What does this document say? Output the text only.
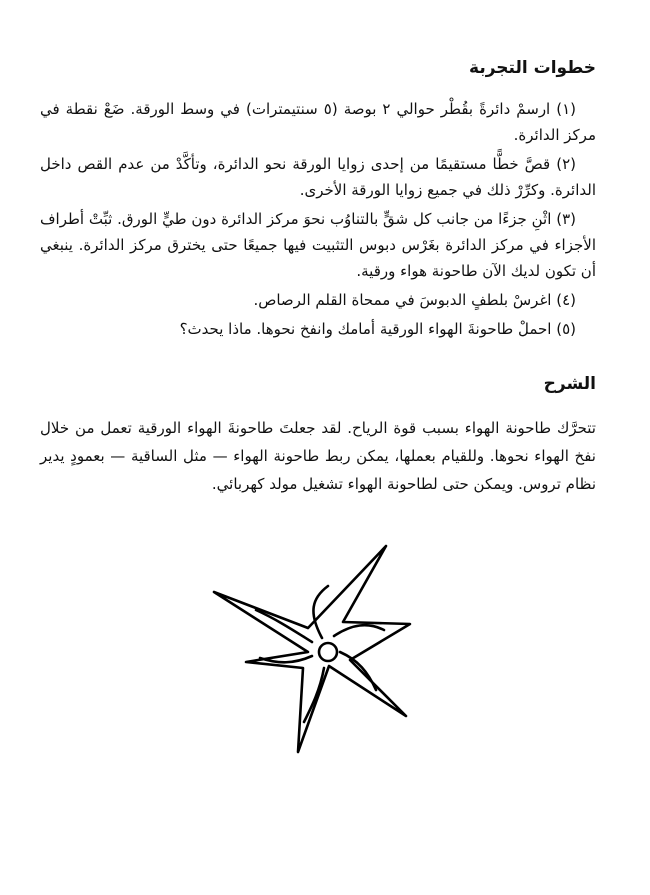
خطوات التجربة
(١) ارسمْ دائرةً بقُطْر حوالي ٢ بوصة (٥ سنتيمترات) في وسط الورقة. ضَعْ نقطة في مركز الدائرة.
(٢) قصَّ خطًّا مستقيمًا من إحدى زوايا الورقة نحو الدائرة، وتأكَّدْ من عدم القص داخل الدائرة. وكرِّرْ ذلك في جميع زوايا الورقة الأخرى.
(٣) اثْنِ جزءًا من جانب كل شقٍّ بالتناوُب نحوَ مركز الدائرة دون طيٍّ الورق. ثبِّتْ أطراف الأجزاء في مركز الدائرة بغَرْس دبوس التثبيت فيها جميعًا حتى يخترق مركز الدائرة. ينبغي أن تكون لديك الآن طاحونة هواء ورقية.
(٤) اغرسْ بلطفٍ الدبوسَ في ممحاة القلم الرصاص.
(٥) احملْ طاحونةَ الهواء الورقية أمامك وانفخ نحوها. ماذا يحدث؟
الشرح

تتحرَّك طاحونة الهواء بسبب قوة الرياح. لقد جعلتَ طاحونةَ الهواء الورقية تعمل من خلال نفخ الهواء نحوها. وللقيام بعملها، يمكن ربط طاحونة الهواء — مثل الساقية — بعمودٍ يدير نظام تروس. ويمكن حتى لطاحونة الهواء تشغيل مولد كهربائي.
